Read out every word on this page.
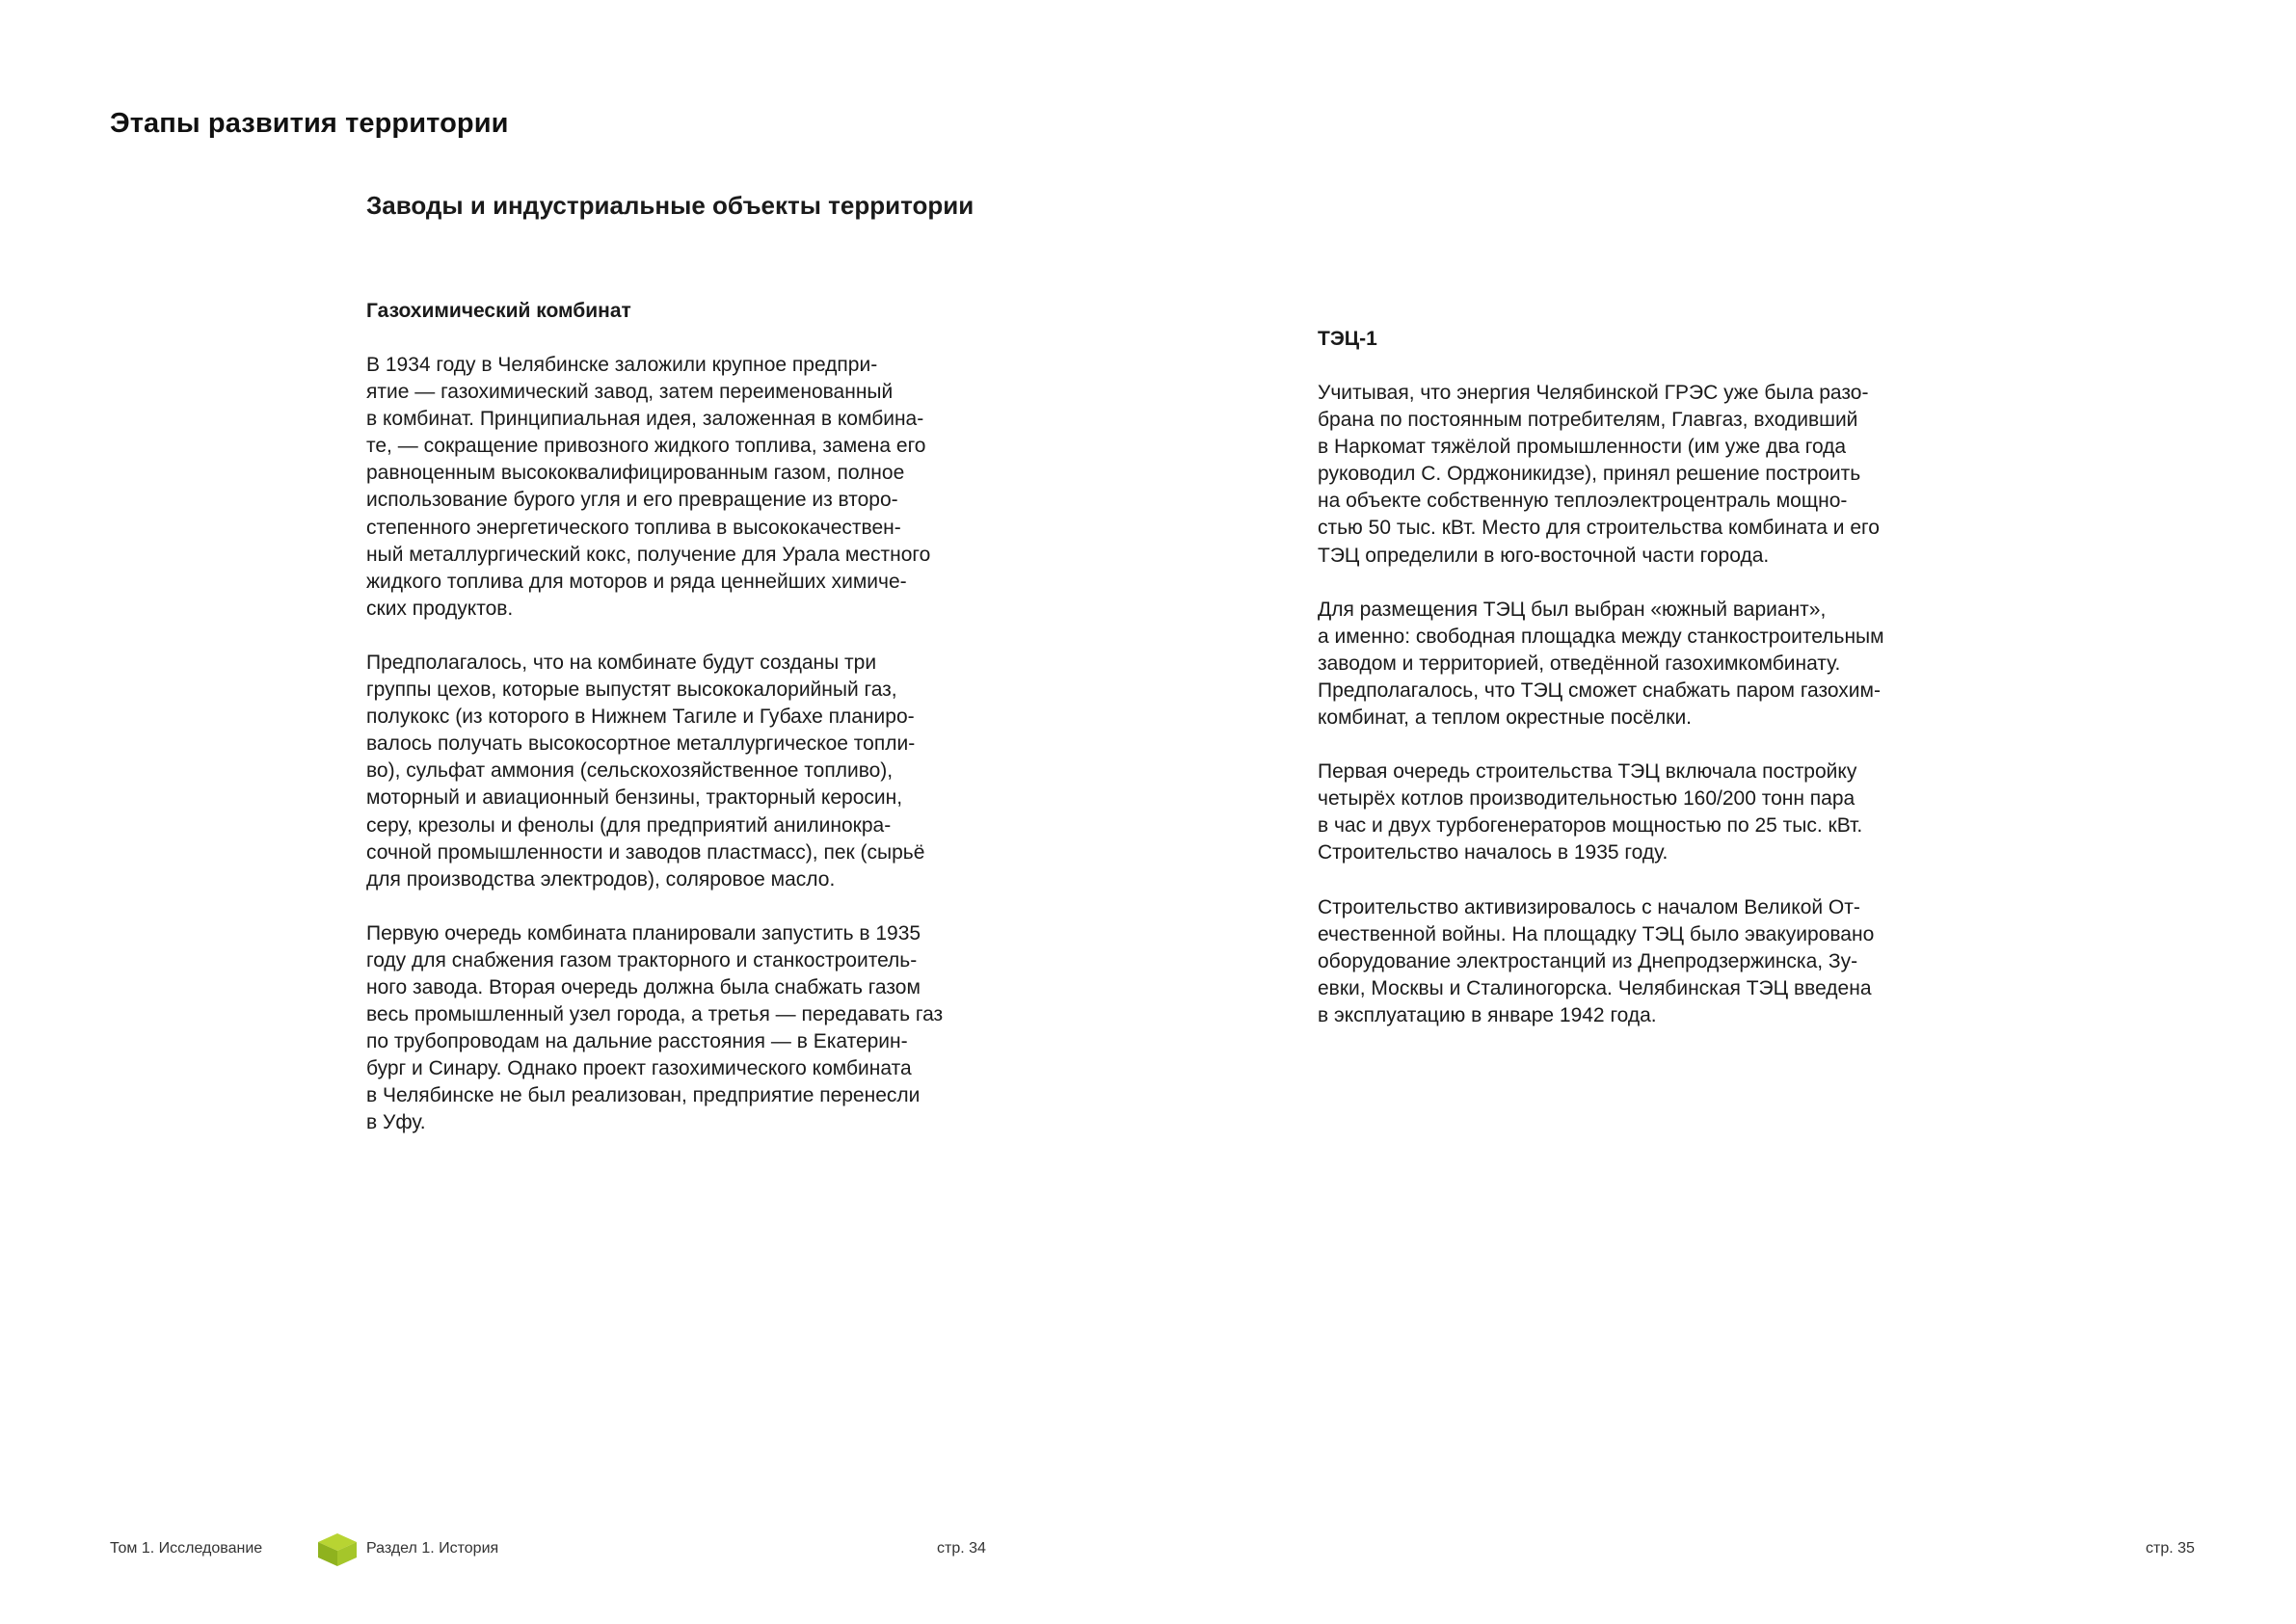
Этапы развития территории
Заводы и индустриальные объекты территории
Газохимический комбинат

В 1934 году в Челябинске заложили крупное предпри-
ятие — газохимический завод, затем переименованный
в комбинат. Принципиальная идея, заложенная в комбина-
те, — сокращение привозного жидкого топлива, замена его
равноценным высококвалифицированным газом, полное
использование бурого угля и его превращение из второ-
степенного энергетического топлива в высококачествен-
ный металлургический кокс, получение для Урала местного
жидкого топлива для моторов и ряда ценнейших химиче-
ских продуктов.

Предполагалось, что на комбинате будут созданы три
группы цехов, которые выпустят высококалорийный газ,
полукокс (из которого в Нижнем Тагиле и Губахе планиро-
валось получать высокосортное металлургическое топли-
во), сульфат аммония (сельскохозяйственное топливо),
моторный и авиационный бензины, тракторный керосин,
серу, крезолы и фенолы (для предприятий анилинокра-
сочной промышленности и заводов пластмасс), пек (сырьё
для производства электродов), соляровое масло.

Первую очередь комбината планировали запустить в 1935
году для снабжения газом тракторного и станкостроитель-
ного завода. Вторая очередь должна была снабжать газом
весь промышленный узел города, а третья — передавать газ
по трубопроводам на дальние расстояния — в Екатерин-
бург и Синару. Однако проект газохимического комбината
в Челябинске не был реализован, предприятие перенесли
в Уфу.

ТЭЦ-1

Учитывая, что энергия Челябинской ГРЭС уже была разо-
брана по постоянным потребителям, Главгаз, входивший
в Наркомат тяжёлой промышленности (им уже два года
руководил С. Орджоникидзе), принял решение построить
на объекте собственную теплоэлектроцентраль мощно-
стью 50 тыс. кВт. Место для строительства комбината и его
ТЭЦ определили в юго-восточной части города.

Для размещения ТЭЦ был выбран «южный вариант»,
а именно: свободная площадка между станкостроительным
заводом и территорией, отведённой газохимкомбинату.
Предполагалось, что ТЭЦ сможет снабжать паром газохим-
комбинат, а теплом окрестные посёлки.

Первая очередь строительства ТЭЦ включала постройку
четырёх котлов производительностью 160/200 тонн пара
в час и двух турбогенераторов мощностью по 25 тыс. кВт.
Строительство началось в 1935 году.

Строительство активизировалось с началом Великой От-
ечественной войны. На площадку ТЭЦ было эвакуировано
оборудование электростанций из Днепродзержинска, Зу-
евки, Москвы и Сталиногорска. Челябинская ТЭЦ введена
в эксплуатацию в январе 1942 года.

Том 1. Исследование	Раздел 1. История	стр. 34	стр. 35
